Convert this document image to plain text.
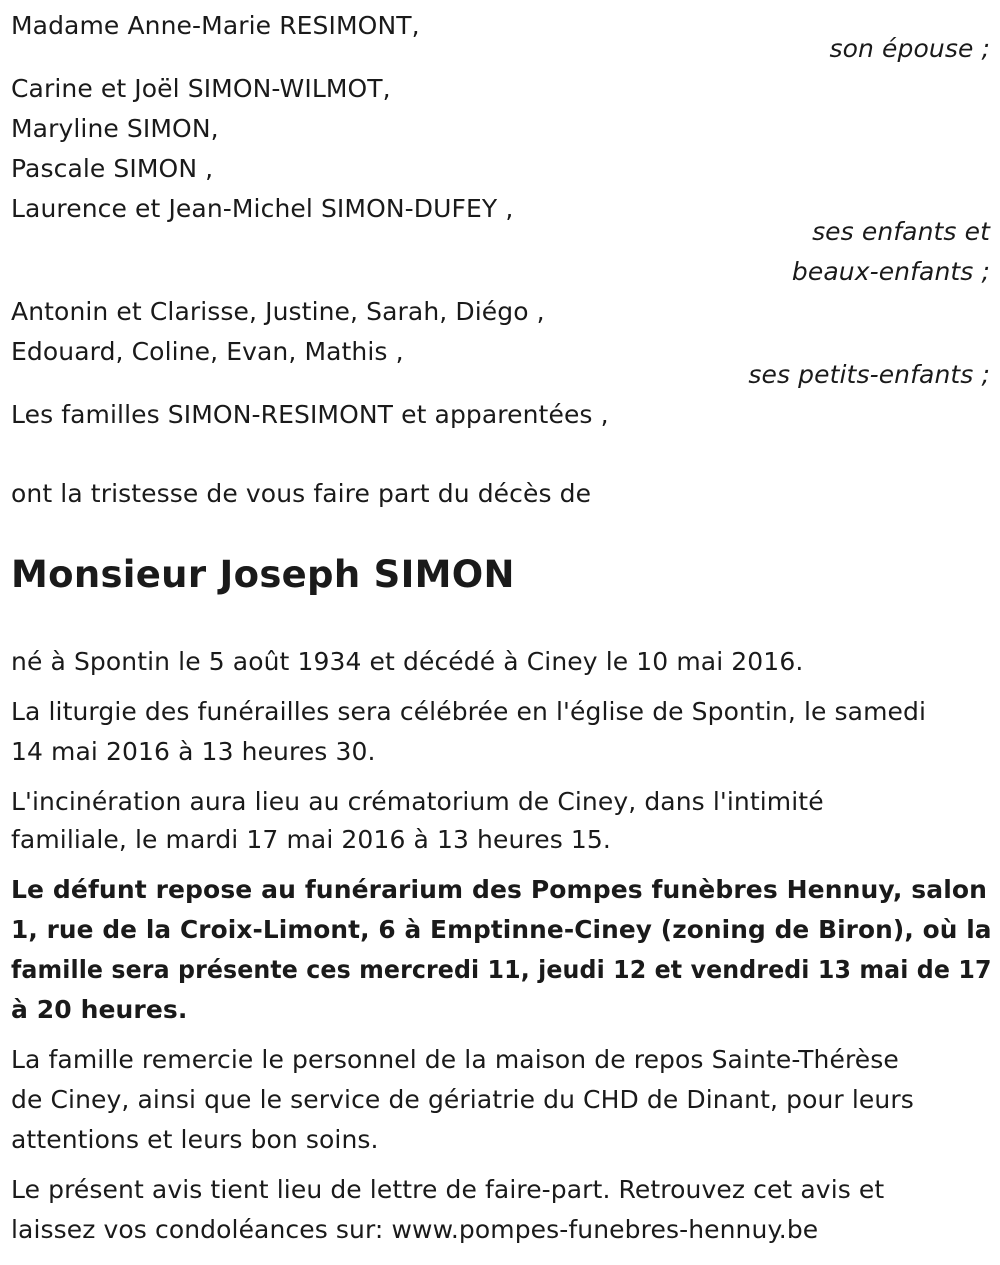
Madame Anne-Marie RESIMONT,
son épouse ;
Carine et Joël SIMON-WILMOT,
Maryline SIMON,
Pascale SIMON ,
Laurence et Jean-Michel SIMON-DUFEY ,
ses enfants et
beaux-enfants ;
Antonin et Clarisse, Justine, Sarah, Diégo ,
Edouard, Coline, Evan, Mathis ,
ses petits-enfants ;
Les familles SIMON-RESIMONT et apparentées ,
ont la tristesse de vous faire part du décès de
Monsieur Joseph SIMON
né à Spontin le 5 août 1934 et décédé à Ciney le 10 mai 2016.
La liturgie des funérailles sera célébrée en l'église de Spontin, le samedi
14 mai 2016 à 13 heures 30.
L'incinération aura lieu au crématorium de Ciney, dans l'intimité
familiale, le mardi 17 mai 2016 à 13 heures 15.
Le défunt repose au funérarium des Pompes funèbres Hennuy, salon
1, rue de la Croix-Limont, 6 à Emptinne-Ciney (zoning de Biron), où la
famille sera présente ces mercredi 11, jeudi 12 et vendredi 13 mai de 17
à 20 heures.
La famille remercie le personnel de la maison de repos Sainte-Thérèse
de Ciney, ainsi que le service de gériatrie du CHD de Dinant, pour leurs
attentions et leurs bon soins.
Le présent avis tient lieu de lettre de faire-part. Retrouvez cet avis et
laissez vos condoléances sur: www.pompes-funebres-hennuy.be
